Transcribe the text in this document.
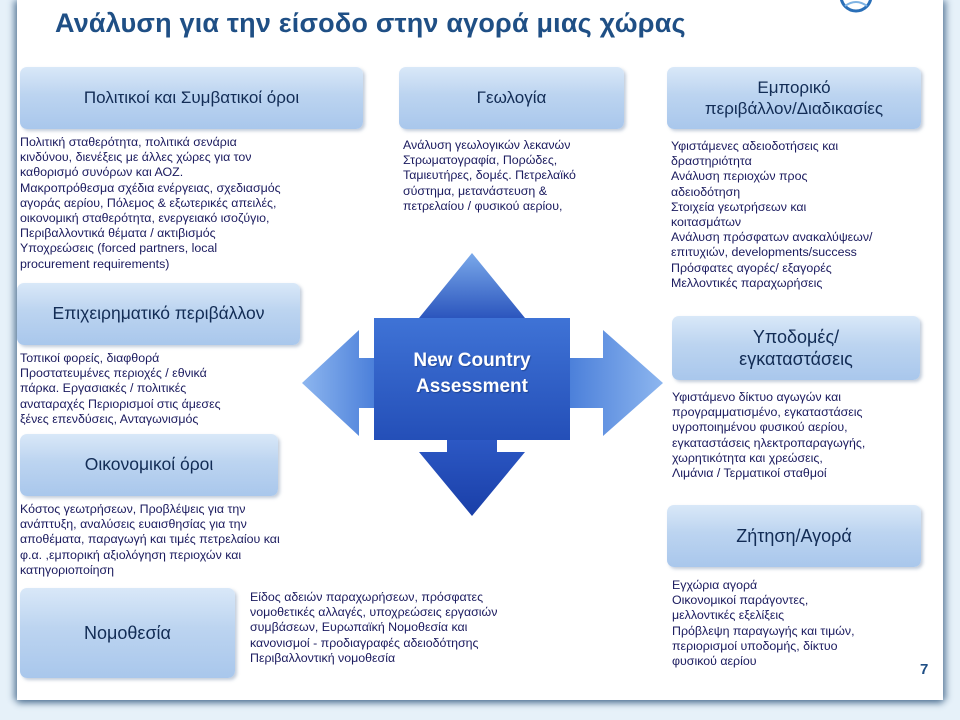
Ανάλυση για την είσοδο στην αγορά μιας χώρας
New Country
Assessment
Πολιτικοί και Συμβατικοί όροι
Πολιτική σταθερότητα, πολιτικά σενάρια
κινδύνου, διενέξεις με άλλες χώρες για τον
καθορισμό συνόρων και ΑΟΖ.
Μακροπρόθεσμα σχέδια ενέργειας, σχεδιασμός
αγοράς αερίου, Πόλεμος & εξωτερικές απειλές,
οικονομική σταθερότητα, ενεργειακό ισοζύγιο,
Περιβαλλοντικά θέματα / ακτιβισμός
Υποχρεώσεις (forced partners, local
procurement requirements)
Γεωλογία
Ανάλυση γεωλογικών λεκανών
Στρωματογραφία, Πορώδες,
Ταμιευτήρες, δομές. Πετρελαϊκό
σύστημα, μετανάστευση &
πετρελαίου / φυσικού αερίου,
Εμπορικό
περιβάλλον/Διαδικασίες
Υφιστάμενες αδειοδοτήσεις και
δραστηριότητα
Ανάλυση περιοχών προς
αδειοδότηση
Στοιχεία γεωτρήσεων και
κοιτασμάτων
Ανάλυση πρόσφατων ανακαλύψεων/
επιτυχιών, developments/success
Πρόσφατες αγορές/ εξαγορές
Μελλοντικές παραχωρήσεις
Επιχειρηματικό περιβάλλον
Τοπικοί φορείς, διαφθορά
Προστατευμένες περιοχές / εθνικά
πάρκα. Εργασιακές / πολιτικές
αναταραχές Περιορισμοί στις άμεσες
ξένες επενδύσεις, Ανταγωνισμός
Υποδομές/
εγκαταστάσεις
Υφιστάμενο δίκτυο αγωγών και
προγραμματισμένο, εγκαταστάσεις
υγροποιημένου φυσικού αερίου,
εγκαταστάσεις ηλεκτροπαραγωγής,
χωρητικότητα και χρεώσεις,
Λιμάνια / Τερματικοί σταθμοί
Οικονομικοί όροι
Κόστος γεωτρήσεων, Προβλέψεις για την
ανάπτυξη, αναλύσεις ευαισθησίας για την
αποθέματα, παραγωγή και τιμές πετρελαίου και
φ.α. ,εμπορική αξιολόγηση περιοχών και
κατηγοριοποίηση
Ζήτηση/Αγορά
Εγχώρια αγορά
Οικονομικοί παράγοντες,
μελλοντικές εξελίξεις
Πρόβλεψη παραγωγής και τιμών,
περιορισμοί υποδομής, δίκτυο
φυσικού αερίου
Νομοθεσία
Είδος αδειών παραχωρήσεων, πρόσφατες
νομοθετικές αλλαγές, υποχρεώσεις εργασιών
συμβάσεων, Ευρωπαϊκή Νομοθεσία και
κανονισμοί - προδιαγραφές αδειοδότησης
Περιβαλλοντική νομοθεσία
7
